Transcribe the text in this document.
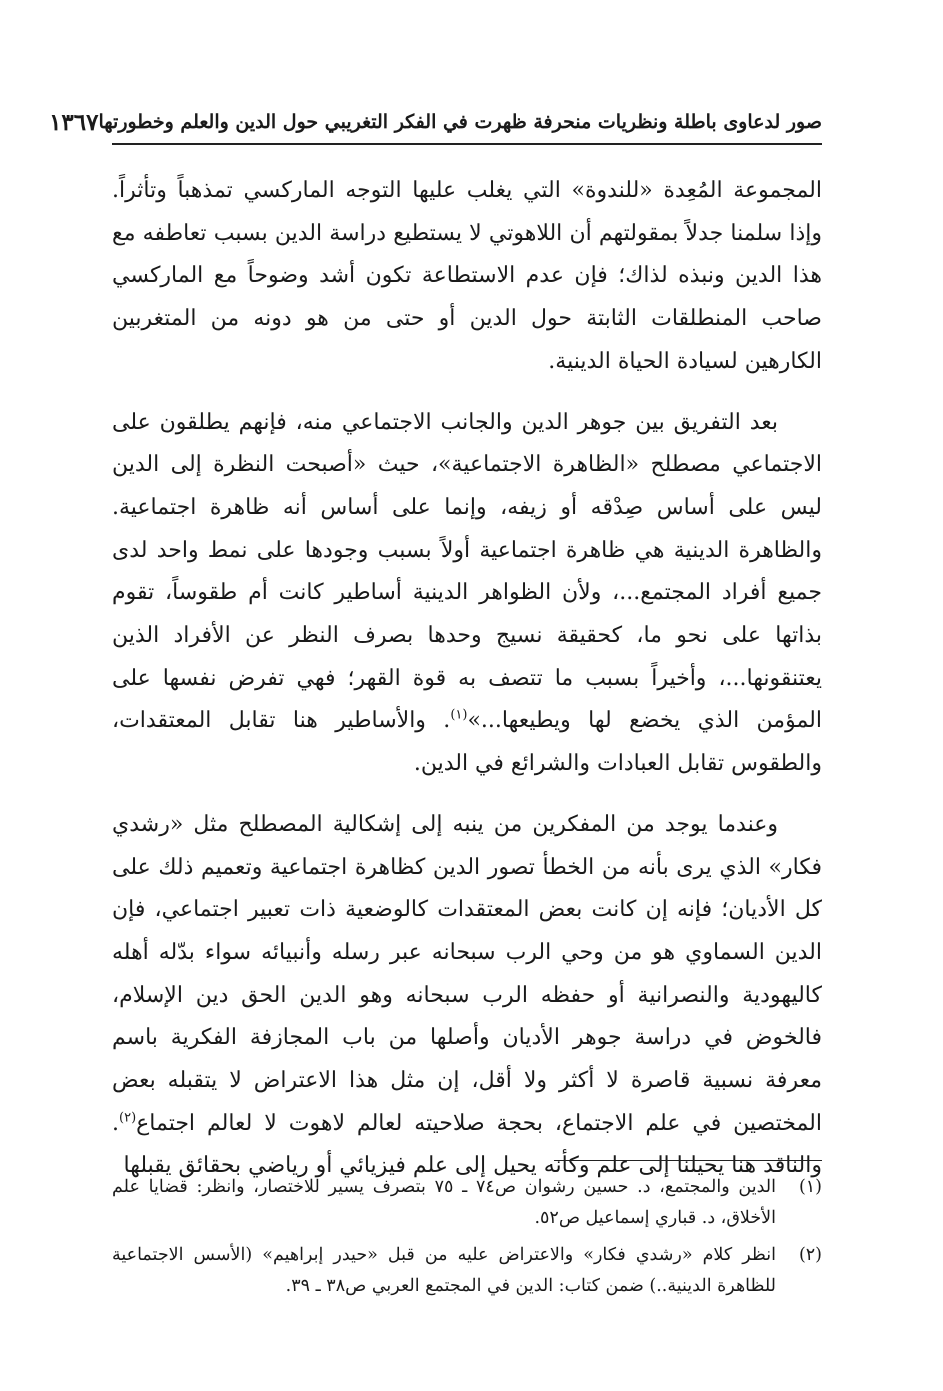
صور لدعاوى باطلة ونظريات منحرفة ظهرت في الفكر التغريبي حول الدين والعلم وخطورتها
١٣٦٧

المجموعة المُعِدة «للندوة» التي يغلب عليها التوجه الماركسي تمذهباً وتأثراً. وإذا سلمنا جدلاً بمقولتهم أن اللاهوتي لا يستطيع دراسة الدين بسبب تعاطفه مع هذا الدين ونبذه لذاك؛ فإن عدم الاستطاعة تكون أشد وضوحاً مع الماركسي صاحب المنطلقات الثابتة حول الدين أو حتى من هو دونه من المتغربين الكارهين لسيادة الحياة الدينية.

بعد التفريق بين جوهر الدين والجانب الاجتماعي منه، فإنهم يطلقون على الاجتماعي مصطلح «الظاهرة الاجتماعية»، حيث «أصبحت النظرة إلى الدين ليس على أساس صِدْقه أو زيفه، وإنما على أساس أنه ظاهرة اجتماعية. والظاهرة الدينية هي ظاهرة اجتماعية أولاً بسبب وجودها على نمط واحد لدى جميع أفراد المجتمع...، ولأن الظواهر الدينية أساطير كانت أم طقوساً، تقوم بذاتها على نحو ما، كحقيقة نسيج وحدها بصرف النظر عن الأفراد الذين يعتنقونها...، وأخيراً بسبب ما تتصف به قوة القهر؛ فهي تفرض نفسها على المؤمن الذي يخضع لها ويطيعها...»$^{(١)}$. والأساطير هنا تقابل المعتقدات، والطقوس تقابل العبادات والشرائع في الدين.

وعندما يوجد من المفكرين من ينبه إلى إشكالية المصطلح مثل «رشدي فكار» الذي يرى بأنه من الخطأ تصور الدين كظاهرة اجتماعية وتعميم ذلك على كل الأديان؛ فإنه إن كانت بعض المعتقدات كالوضعية ذات تعبير اجتماعي، فإن الدين السماوي هو من وحي الرب سبحانه عبر رسله وأنبيائه سواء بدّله أهله كاليهودية والنصرانية أو حفظه الرب سبحانه وهو الدين الحق دين الإسلام، فالخوض في دراسة جوهر الأديان وأصلها من باب المجازفة الفكرية باسم معرفة نسبية قاصرة لا أكثر ولا أقل، إن مثل هذا الاعتراض لا يتقبله بعض المختصين في علم الاجتماع، بحجة صلاحيته لعالم لاهوت لا لعالم اجتماع$^{(٢)}$. والناقد هنا يحيلنا إلى علم وكأنه يحيل إلى علم فيزيائي أو رياضي بحقائق يقبلها

(١)
الدين والمجتمع، د. حسين رشوان ص٧٤ ـ ٧٥ بتصرف يسير للاختصار، وانظر: قضايا علم الأخلاق، د. قباري إسماعيل ص٥٢.
(٢)
انظر كلام «رشدي فكار» والاعتراض عليه من قبل «حيدر إبراهيم» (الأسس الاجتماعية للظاهرة الدينية..) ضمن كتاب: الدين في المجتمع العربي ص٣٨ ـ ٣٩.
